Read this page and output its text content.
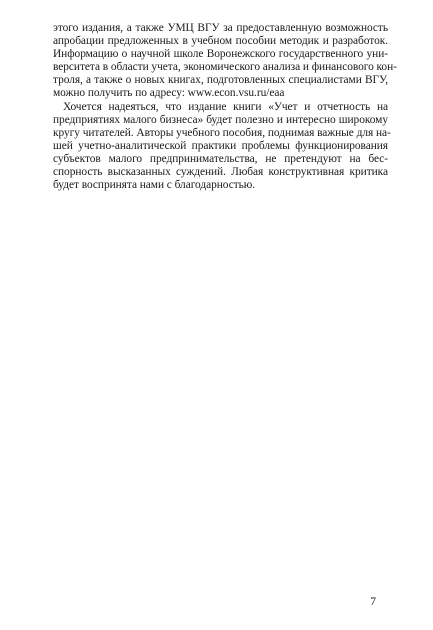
этого издания, а также УМЦ ВГУ за предоставленную возможность
апробации предложенных в учебном пособии методик и разработок.
Информацию о научной школе Воронежского государственного уни-
верситета в области учета, экономического анализа и финансового кон-
троля, а также о новых книгах, подготовленных специалистами ВГУ,
можно получить по адресу: www.econ.vsu.ru/eaa
Хочется надеяться, что издание книги «Учет и отчетность на
предприятиях малого бизнеса» будет полезно и интересно широкому
кругу читателей. Авторы учебного пособия, поднимая важные для на-
шей учетно-аналитической практики проблемы функционирования
субъектов малого предпринимательства, не претендуют на бес-
спорность высказанных суждений. Любая конструктивная критика
будет воспринята нами с благодарностью.
7
